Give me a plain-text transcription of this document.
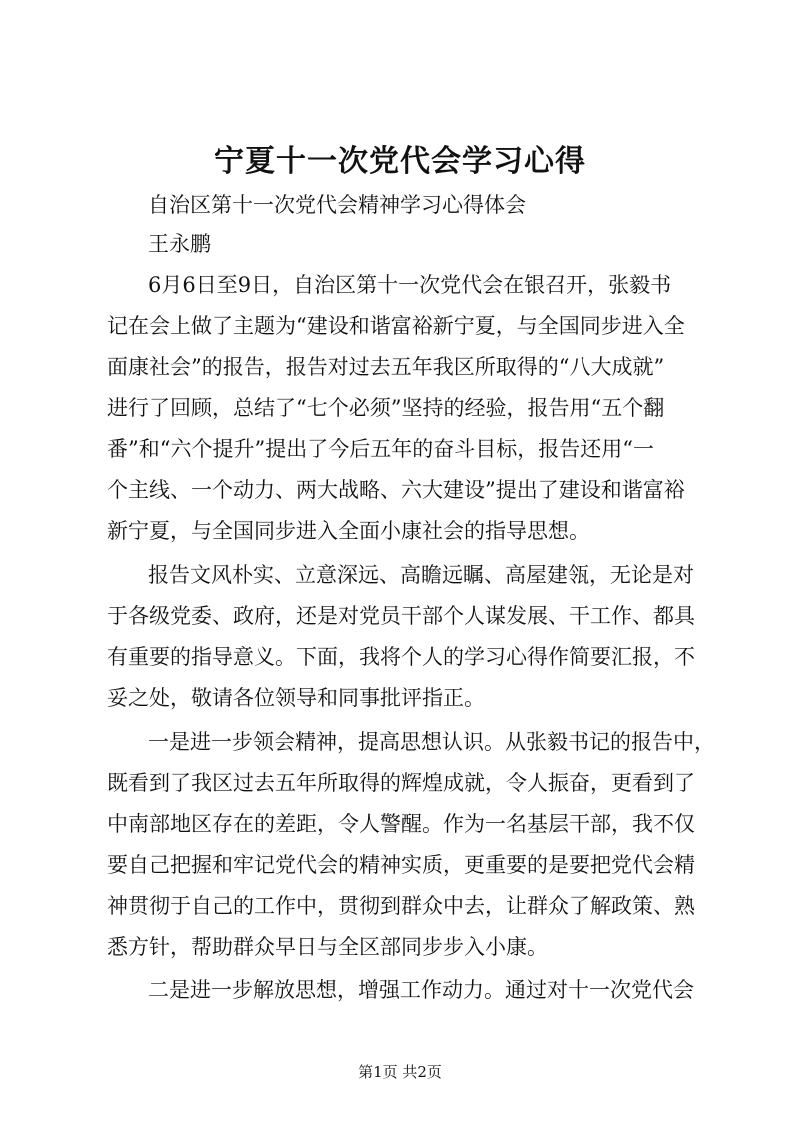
宁夏十一次党代会学习心得

自治区第十一次党代会精神学习心得体会

王永鹏

6月6日至9日，自治区第十一次党代会在银召开，张毅书

记在会上做了主题为“建设和谐富裕新宁夏，与全国同步进入全

面康社会”的报告，报告对过去五年我区所取得的“八大成就”

进行了回顾，总结了“七个必须”坚持的经验，报告用“五个翻

番”和“六个提升”提出了今后五年的奋斗目标，报告还用“一

个主线、一个动力、两大战略、六大建设”提出了建设和谐富裕

新宁夏，与全国同步进入全面小康社会的指导思想。

报告文风朴实、立意深远、高瞻远瞩、高屋建瓴，无论是对

于各级党委、政府，还是对党员干部个人谋发展、干工作、都具

有重要的指导意义。下面，我将个人的学习心得作简要汇报，不

妥之处，敬请各位领导和同事批评指正。

一是进一步领会精神，提高思想认识。从张毅书记的报告中，

既看到了我区过去五年所取得的辉煌成就，令人振奋，更看到了

中南部地区存在的差距，令人警醒。作为一名基层干部，我不仅

要自己把握和牢记党代会的精神实质，更重要的是要把党代会精

神贯彻于自己的工作中，贯彻到群众中去，让群众了解政策、熟

悉方针，帮助群众早日与全区部同步步入小康。

二是进一步解放思想，增强工作动力。通过对十一次党代会

第1页 共2页
